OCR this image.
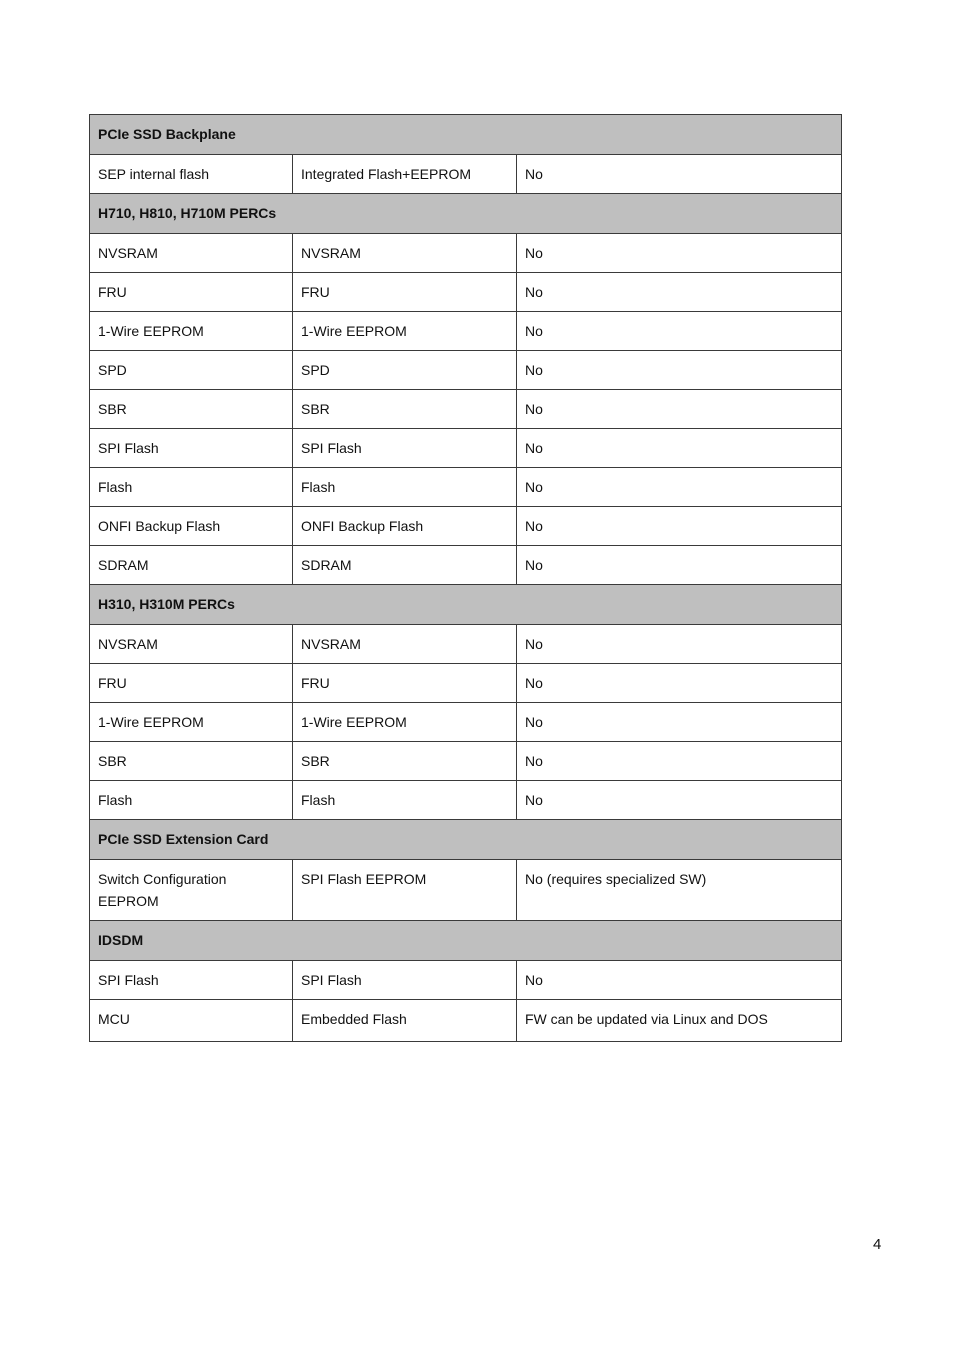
PCIe SSD Backplane		
SEP internal flash	Integrated Flash+EEPROM	No
H710, H810, H710M PERCs		
NVSRAM	NVSRAM	No
FRU	FRU	No
1-Wire EEPROM	1-Wire EEPROM	No
SPD	SPD	No
SBR	SBR	No
SPI Flash	SPI Flash	No
Flash	Flash	No
ONFI Backup Flash	ONFI Backup Flash	No
SDRAM	SDRAM	No
H310, H310M PERCs		
NVSRAM	NVSRAM	No
FRU	FRU	No
1-Wire EEPROM	1-Wire EEPROM	No
SBR	SBR	No
Flash	Flash	No
PCIe SSD Extension Card		
Switch Configuration EEPROM	SPI Flash EEPROM	No (requires specialized SW)
IDSDM		
SPI Flash	SPI Flash	No
MCU	Embedded Flash	FW can be updated via Linux and DOS
4
